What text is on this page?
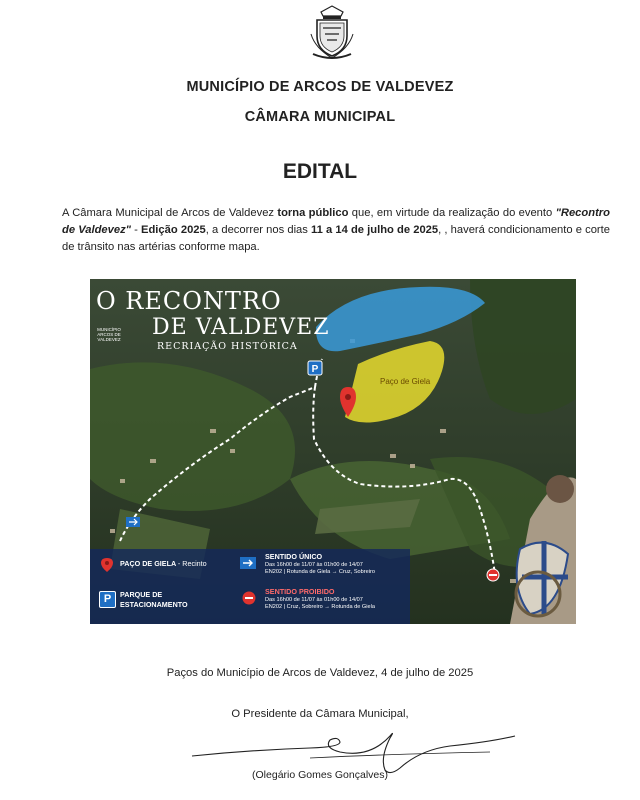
MUNICÍPIO DE ARCOS DE VALDEVEZ
CÂMARA MUNICIPAL
EDITAL
A Câmara Municipal de Arcos de Valdevez torna público que, em virtude da realização do evento "Recontro de Valdevez" - Edição 2025, a decorrer nos dias 11 a 14 de julho de 2025, , haverá condicionamento e corte de trânsito nas artérias conforme mapa.
P
O RECONTRO
DE VALDEVEZ
RECRIAÇÃO HISTÓRICA
MUNICÍPIO ARCOS DE VALDEVEZ
Paço de Giela
PAÇO DE GIELA - Recinto
P	PARQUE DE
ESTACIONAMENTO
SENTIDO ÚNICO
Das 16h00 de 11/07 às 01h00 de 14/07
EN202 | Rotunda de Giela → Cruz, Sobreiro
SENTIDO PROIBIDO
Das 16h00 de 11/07 às 01h00 de 14/07
EN202 | Cruz, Sobreiro → Rotunda de Giela
Paços do Município de Arcos de Valdevez, 4 de julho de 2025
O Presidente da Câmara Municipal,
(Olegário Gomes Gonçalves)
